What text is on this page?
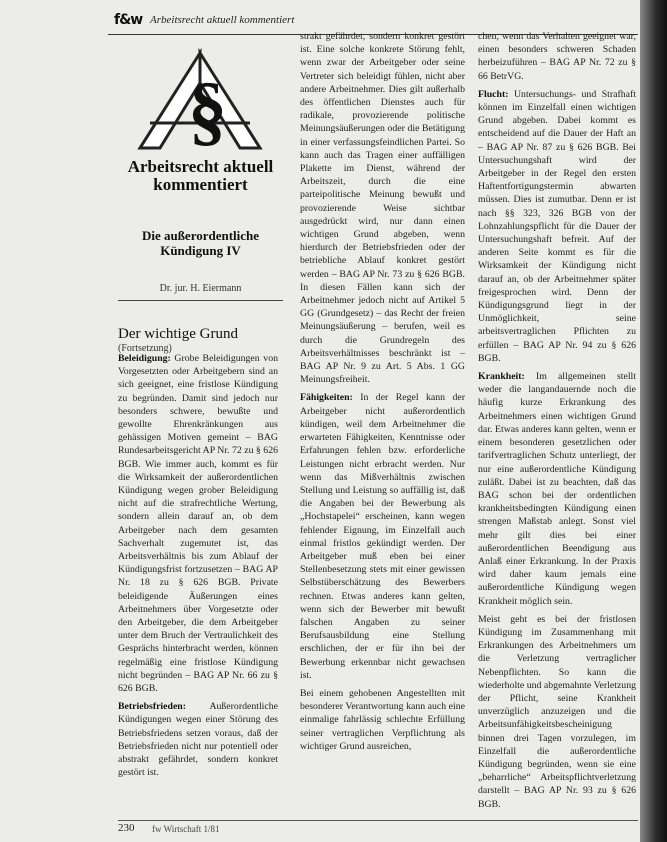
f&w Arbeitsrecht aktuell kommentiert
§
Arbeitsrecht aktuell kommentiert
Die außerordentliche Kündigung IV
Dr. jur. H. Eiermann
Der wichtige Grund
(Fortsetzung)

Beleidigung: Grobe Beleidigungen von Vorgesetzten oder Arbeitgebern sind an sich geeignet, eine fristlose Kündigung zu begründen. Damit sind jedoch nur besonders schwere, bewußte und gewollte Ehrenkränkungen aus gehässigen Motiven gemeint – BAG Rundesarbeitsgericht AP Nr. 72 zu § 626 BGB. Wie immer auch, kommt es für die Wirksamkeit der außerordentlichen Kündigung wegen grober Beleidigung nicht auf die strafrechtliche Wertung, sondern allein darauf an, ob dem Arbeitgeber nach dem gesamten Sachverhalt zugemutet ist, das Arbeitsverhältnis bis zum Ablauf der Kündigungsfrist fortzusetzen – BAG AP Nr. 18 zu § 626 BGB. Private beleidigende Äußerungen eines Arbeitnehmers über Vorgesetzte oder den Arbeitgeber, die dem Arbeitgeber unter dem Bruch der Vertraulichkeit des Gesprächs hinterbracht werden, können regelmäßig eine fristlose Kündigung nicht begründen – BAG AP Nr. 66 zu § 626 BGB.

Betriebsfrieden: Außerordentliche Kündigungen wegen einer Störung des Betriebsfriedens setzen voraus, daß der Betriebsfrieden nicht nur potentiell oder abstrakt gefährdet, sondern konkret gestört ist.

strakt gefährdet, sondern konkret gestört ist. Eine solche konkrete Störung fehlt, wenn zwar der Arbeitgeber oder seine Vertreter sich beleidigt fühlen, nicht aber andere Arbeitnehmer. Dies gilt außerhalb des öffentlichen Dienstes auch für radikale, provozierende politische Meinungsäußerungen oder die Betätigung in einer verfassungsfeindlichen Partei. So kann auch das Tragen einer auffälligen Plakette im Dienst, während der Arbeitszeit, durch die eine parteipolitische Meinung bewußt und provozierende Weise sichtbar ausgedrückt wird, nur dann einen wichtigen Grund abgeben, wenn hierdurch der Betriebsfrieden oder der betriebliche Ablauf konkret gestört werden – BAG AP Nr. 73 zu § 626 BGB. In diesen Fällen kann sich der Arbeitnehmer jedoch nicht auf Artikel 5 GG (Grundgesetz) – das Recht der freien Meinungsäußerung – berufen, weil es durch die Grundregeln des Arbeitsverhältnisses beschränkt ist – BAG AP Nr. 9 zu Art. 5 Abs. 1 GG Meinungsfreiheit.

Fähigkeiten: In der Regel kann der Arbeitgeber nicht außerordentlich kündigen, weil dem Arbeitnehmer die erwarteten Fähigkeiten, Kenntnisse oder Erfahrungen fehlen bzw. erforderliche Leistungen nicht erbracht werden. Nur wenn das Mißverhältnis zwischen Stellung und Leistung so auffällig ist, daß die Angaben bei der Bewerbung als „Hochstapelei“ erscheinen, kann wegen fehlender Eignung, im Einzelfall auch einmal fristlos gekündigt werden. Der Arbeitgeber muß eben bei einer Stellenbesetzung stets mit einer gewissen Selbstüberschätzung des Bewerbers rechnen. Etwas anderes kann gelten, wenn sich der Bewerber mit bewußt falschen Angaben zu seiner Berufsausbildung eine Stellung erschlichen, der er für ihn bei der Bewerbung erkennbar nicht gewachsen ist.

Bei einem gehobenen Angestellten mit besonderer Verantwortung kann auch eine einmalige fahrlässig schlechte Erfüllung seiner vertraglichen Verpflichtung als wichtiger Grund ausreichen,

chen, wenn das Verhalten geeignet war, einen besonders schweren Schaden herbeizuführen – BAG AP Nr. 72 zu § 66 BetrVG.

Flucht: Untersuchungs- und Strafhaft können im Einzelfall einen wichtigen Grund abgeben. Dabei kommt es entscheidend auf die Dauer der Haft an – BAG AP Nr. 87 zu § 626 BGB. Bei Untersuchungshaft wird der Arbeitgeber in der Regel den ersten Haftentfortigungstermin abwarten müssen. Dies ist zumutbar. Denn er ist nach §§ 323, 326 BGB von der Lohnzahlungspflicht für die Dauer der Untersuchungshaft befreit. Auf der anderen Seite kommt es für die Wirksamkeit der Kündigung nicht darauf an, ob der Arbeitnehmer später freigesprochen wird. Denn der Kündigungsgrund liegt in der Unmöglichkeit, seine arbeitsvertraglichen Pflichten zu erfüllen – BAG AP Nr. 94 zu § 626 BGB.

Krankheit: Im allgemeinen stellt weder die langandauernde noch die häufig kurze Erkrankung des Arbeitnehmers einen wichtigen Grund dar. Etwas anderes kann gelten, wenn er einem besonderen gesetzlichen oder tarifvertraglichen Schutz unterliegt, der nur eine außerordentliche Kündigung zuläßt. Dabei ist zu beachten, daß das BAG schon bei der ordentlichen krankheitsbedingten Kündigung einen strengen Maßstab anlegt. Sonst viel mehr gilt dies bei einer außerordentlichen Beendigung aus Anlaß einer Erkrankung. In der Praxis wird daher kaum jemals eine außerordentliche Kündigung wegen Krankheit möglich sein.

Meist geht es bei der fristlosen Kündigung im Zusammenhang mit Erkrankungen des Arbeitnehmers um die Verletzung vertraglicher Nebenpflichten. So kann die wiederholte und abgemahnte Verletzung der Pflicht, seine Krankheit unverzüglich anzuzeigen und die Arbeitsunfähigkeitsbescheinigung binnen drei Tagen vorzulegen, im Einzelfall die außerordentliche Kündigung begründen, wenn sie eine „beharrliche“ Arbeitspflichtverletzung darstellt – BAG AP Nr. 93 zu § 626 BGB.

230 fw Wirtschaft 1/81
